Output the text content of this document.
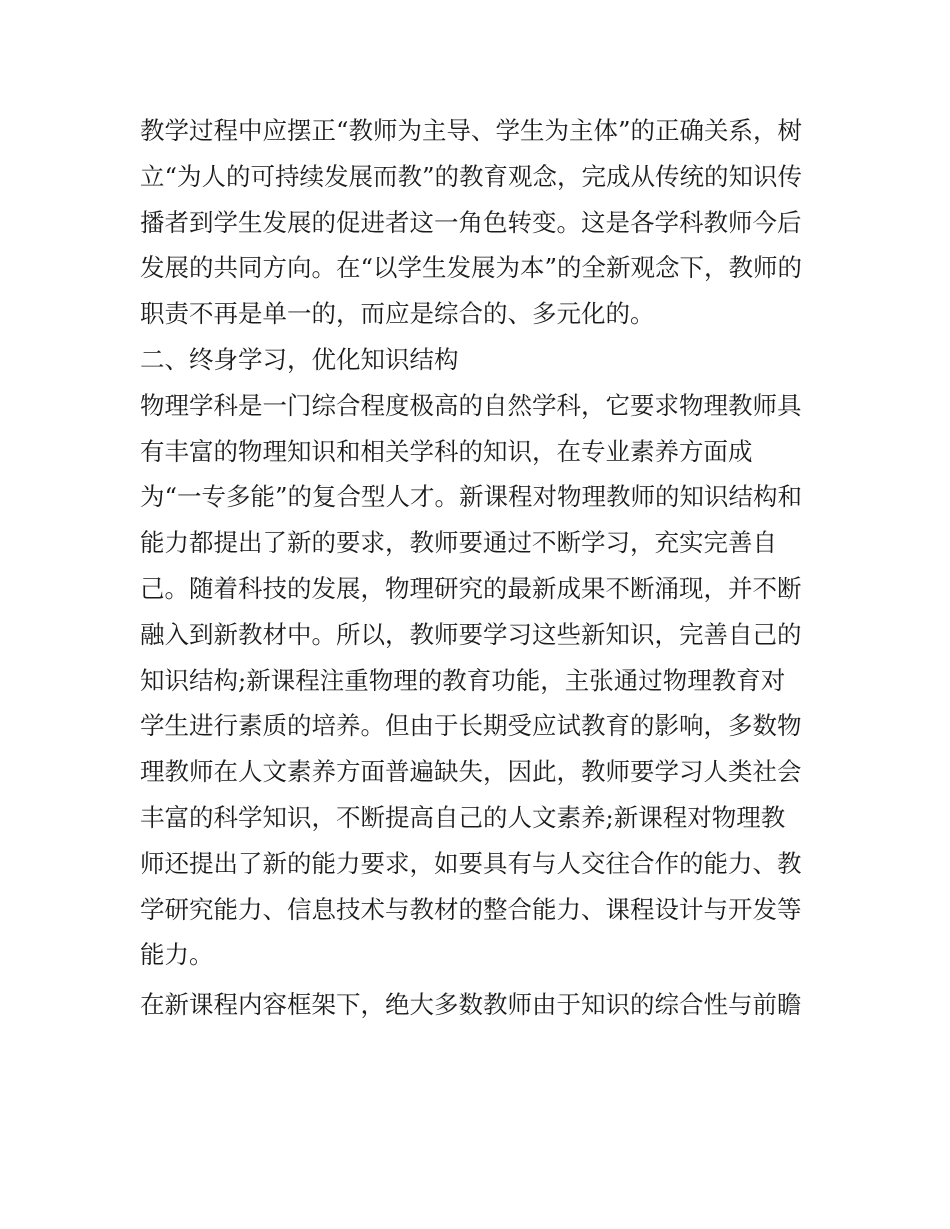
教学过程中应摆正“教师为主导、学生为主体”的正确关系，树
立“为人的可持续发展而教”的教育观念，完成从传统的知识传
播者到学生发展的促进者这一角色转变。这是各学科教师今后
发展的共同方向。在“以学生发展为本”的全新观念下，教师的
职责不再是单一的，而应是综合的、多元化的。
二、终身学习，优化知识结构
物理学科是一门综合程度极高的自然学科，它要求物理教师具
有丰富的物理知识和相关学科的知识，在专业素养方面成
为“一专多能”的复合型人才。新课程对物理教师的知识结构和
能力都提出了新的要求，教师要通过不断学习，充实完善自
己。随着科技的发展，物理研究的最新成果不断涌现，并不断
融入到新教材中。所以，教师要学习这些新知识，完善自己的
知识结构;新课程注重物理的教育功能，主张通过物理教育对
学生进行素质的培养。但由于长期受应试教育的影响，多数物
理教师在人文素养方面普遍缺失，因此，教师要学习人类社会
丰富的科学知识，不断提高自己的人文素养;新课程对物理教
师还提出了新的能力要求，如要具有与人交往合作的能力、教
学研究能力、信息技术与教材的整合能力、课程设计与开发等
能力。
在新课程内容框架下，绝大多数教师由于知识的综合性与前瞻
